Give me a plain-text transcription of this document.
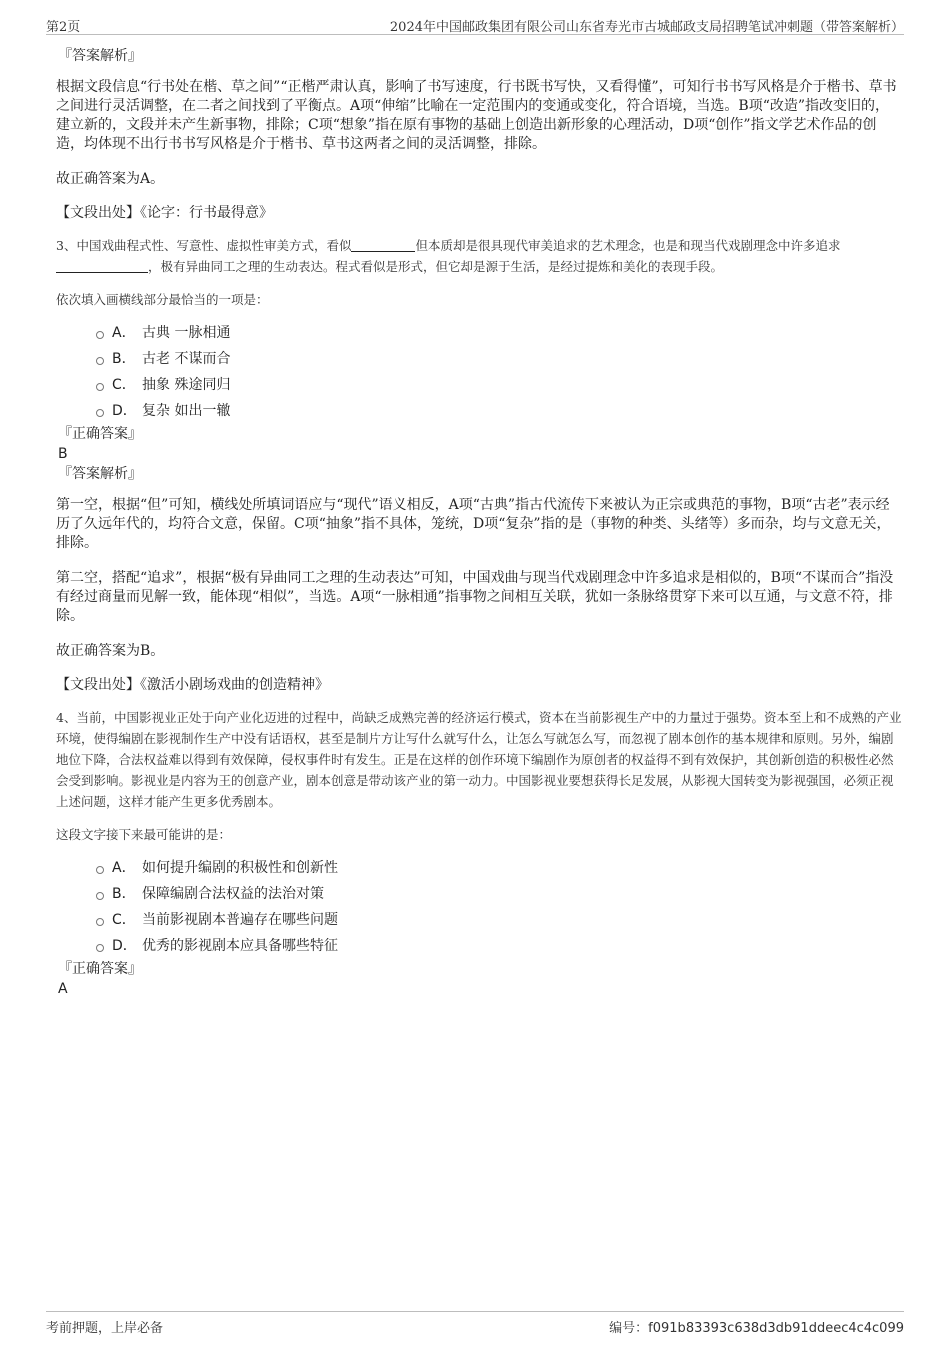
第2页	2024年中国邮政集团有限公司山东省寿光市古城邮政支局招聘笔试冲刺题（带答案解析）

『答案解析』

根据文段信息“行书处在楷、草之间”“正楷严肃认真，影响了书写速度，行书既书写快，又看得懂”，可知行书书写风格是介于楷书、草书之间进行灵活调整，在二者之间找到了平衡点。A项“伸缩”比喻在一定范围内的变通或变化，符合语境，当选。B项“改造”指改变旧的，建立新的，文段并未产生新事物，排除；C项“想象”指在原有事物的基础上创造出新形象的心理活动，D项“创作”指文学艺术作品的创造，均体现不出行书书写风格是介于楷书、草书这两者之间的灵活调整，排除。

故正确答案为A。

【文段出处】《论字：行书最得意》

3、中国戏曲程式性、写意性、虚拟性审美方式，看似	但本质却是很具现代审美追求的艺术理念，也是和现当代戏剧理念中许多追求，极有异曲同工之理的生动表达。程式看似是形式，但它却是源于生活，是经过提炼和美化的表现手段。

依次填入画横线部分最恰当的一项是：

A． 古典 一脉相通
B． 古老 不谋而合
C． 抽象 殊途同归
D． 复杂 如出一辙

『正确答案』

B

『答案解析』

第一空，根据“但”可知，横线处所填词语应与“现代”语义相反，A项“古典”指古代流传下来被认为正宗或典范的事物，B项“古老”表示经历了久远年代的，均符合文意，保留。C项“抽象”指不具体，笼统，D项“复杂”指的是（事物的种类、头绪等）多而杂，均与文意无关，排除。

第二空，搭配“追求”，根据“极有异曲同工之理的生动表达”可知，中国戏曲与现当代戏剧理念中许多追求是相似的，B项“不谋而合”指没有经过商量而见解一致，能体现“相似”，当选。A项“一脉相通”指事物之间相互关联，犹如一条脉络贯穿下来可以互通，与文意不符，排除。

故正确答案为B。

【文段出处】《激活小剧场戏曲的创造精神》

4、当前，中国影视业正处于向产业化迈进的过程中，尚缺乏成熟完善的经济运行模式，资本在当前影视生产中的力量过于强势。资本至上和不成熟的产业环境，使得编剧在影视制作生产中没有话语权，甚至是制片方让写什么就写什么，让怎么写就怎么写，而忽视了剧本创作的基本规律和原则。另外，编剧地位下降，合法权益难以得到有效保障，侵权事件时有发生。正是在这样的创作环境下编剧作为原创者的权益得不到有效保护，其创新创造的积极性必然会受到影响。影视业是内容为王的创意产业，剧本创意是带动该产业的第一动力。中国影视业要想获得长足发展，从影视大国转变为影视强国，必须正视上述问题，这样才能产生更多优秀剧本。

这段文字接下来最可能讲的是：

A． 如何提升编剧的积极性和创新性
B． 保障编剧合法权益的法治对策
C． 当前影视剧本普遍存在哪些问题
D． 优秀的影视剧本应具备哪些特征

『正确答案』

A

考前押题，上岸必备	编号：f091b83393c638d3db91ddeec4c4c099
